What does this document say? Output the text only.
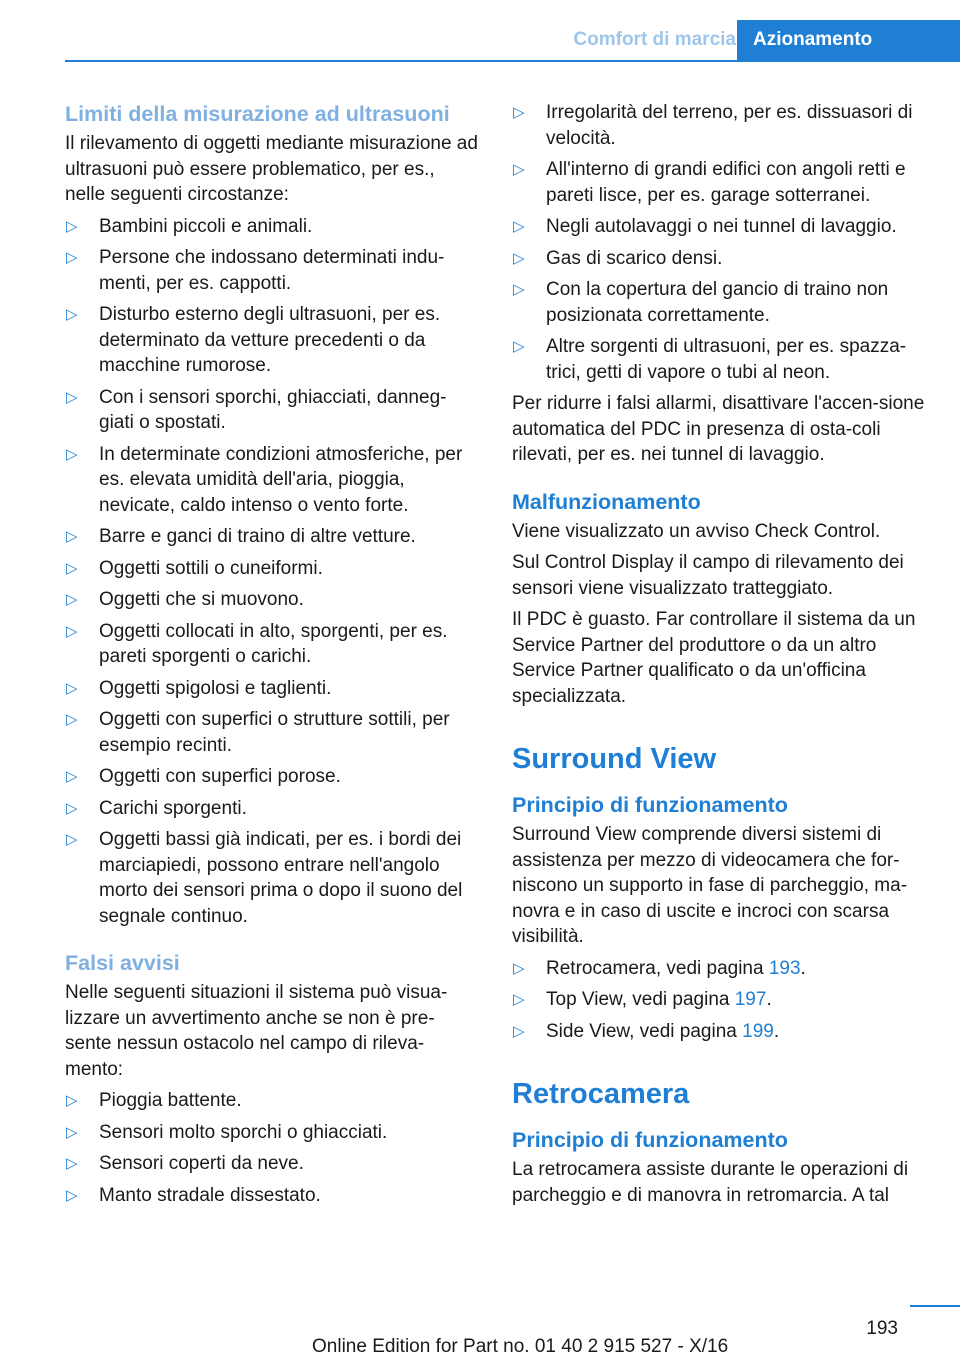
Comfort di marcia Azionamento
Limiti della misurazione ad ultrasuoni

Il rilevamento di oggetti mediante misurazione ad ultrasuoni può essere problematico, per es., nelle seguenti circostanze:

▷ Bambini piccoli e animali.
▷ Persone che indossano determinati indu-menti, per es. cappotti.
▷ Disturbo esterno degli ultrasuoni, per es. determinato da vetture precedenti o da macchine rumorose.
▷ Con i sensori sporchi, ghiacciati, danneg-giati o spostati.
▷ In determinate condizioni atmosferiche, per es. elevata umidità dell'aria, pioggia, nevicate, caldo intenso o vento forte.
▷ Barre e ganci di traino di altre vetture.
▷ Oggetti sottili o cuneiformi.
▷ Oggetti che si muovono.
▷ Oggetti collocati in alto, sporgenti, per es. pareti sporgenti o carichi.
▷ Oggetti spigolosi e taglienti.
▷ Oggetti con superfici o strutture sottili, per esempio recinti.
▷ Oggetti con superfici porose.
▷ Carichi sporgenti.
▷ Oggetti bassi già indicati, per es. i bordi dei marciapiedi, possono entrare nell'angolo morto dei sensori prima o dopo il suono del segnale continuo.
Falsi avvisi

Nelle seguenti situazioni il sistema può visua-lizzare un avvertimento anche se non è pre-sente nessun ostacolo nel campo di rileva-mento:

▷ Pioggia battente.
▷ Sensori molto sporchi o ghiacciati.
▷ Sensori coperti da neve.
▷ Manto stradale dissestato.
▷ Irregolarità del terreno, per es. dissuasori di velocità.
▷ All'interno di grandi edifici con angoli retti e pareti lisce, per es. garage sotterranei.
▷ Negli autolavaggi o nei tunnel di lavaggio.
▷ Gas di scarico densi.
▷ Con la copertura del gancio di traino non posizionata correttamente.
▷ Altre sorgenti di ultrasuoni, per es. spazza-trici, getti di vapore o tubi al neon.

Per ridurre i falsi allarmi, disattivare l'accen-sione automatica del PDC in presenza di osta-coli rilevati, per es. nei tunnel di lavaggio.

Malfunzionamento

Viene visualizzato un avviso Check Control.

Sul Control Display il campo di rilevamento dei sensori viene visualizzato tratteggiato.

Il PDC è guasto. Far controllare il sistema da un Service Partner del produttore o da un altro Service Partner qualificato o da un'officina specializzata.

Surround View
Principio di funzionamento

Surround View comprende diversi sistemi di assistenza per mezzo di videocamera che for-niscono un supporto in fase di parcheggio, ma-novra e in caso di uscite e incroci con scarsa visibilità.

▷ Retrocamera, vedi pagina 193.
▷ Top View, vedi pagina 197.
▷ Side View, vedi pagina 199.
Retrocamera
Principio di funzionamento

La retrocamera assiste durante le operazioni di parcheggio e di manovra in retromarcia. A tal

193
Online Edition for Part no. 01 40 2 915 527 - X/16
